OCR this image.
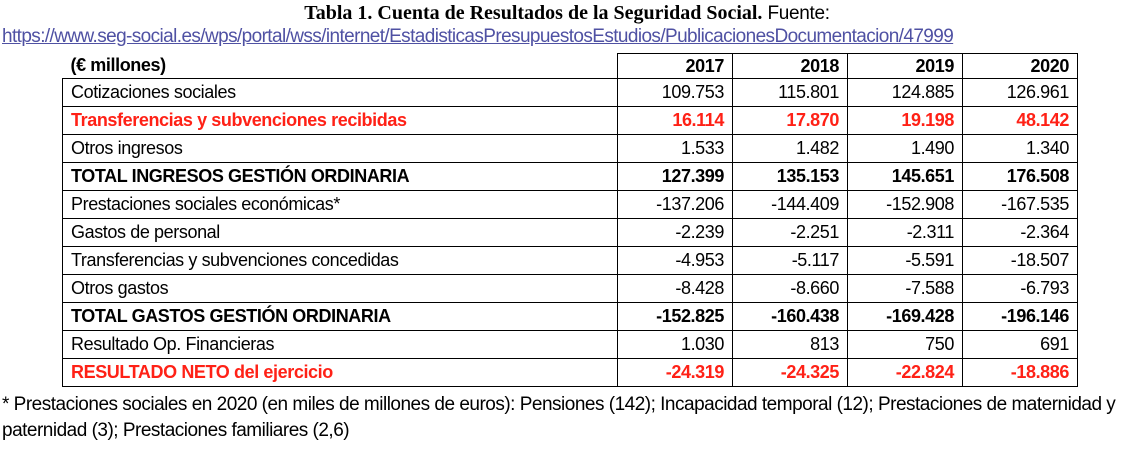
Tabla 1. Cuenta de Resultados de la Seguridad Social. Fuente:
https://www.seg-social.es/wps/portal/wss/internet/EstadisticasPresupuestosEstudios/PublicacionesDocumentacion/47999
(€ millones)	2017	2018	2019	2020
Cotizaciones sociales	109.753	115.801	124.885	126.961
Transferencias y subvenciones recibidas	16.114	17.870	19.198	48.142
Otros ingresos	1.533	1.482	1.490	1.340
TOTAL INGRESOS GESTIÓN ORDINARIA	127.399	135.153	145.651	176.508
Prestaciones sociales económicas*	-137.206	-144.409	-152.908	-167.535
Gastos de personal	-2.239	-2.251	-2.311	-2.364
Transferencias y subvenciones concedidas	-4.953	-5.117	-5.591	-18.507
Otros gastos	-8.428	-8.660	-7.588	-6.793
TOTAL GASTOS GESTIÓN ORDINARIA	-152.825	-160.438	-169.428	-196.146
Resultado Op. Financieras	1.030	813	750	691
RESULTADO NETO del ejercicio	-24.319	-24.325	-22.824	-18.886
* Prestaciones sociales en 2020 (en miles de millones de euros): Pensiones (142); Incapacidad temporal (12); Prestaciones de maternidad y paternidad (3); Prestaciones familiares (2,6)
